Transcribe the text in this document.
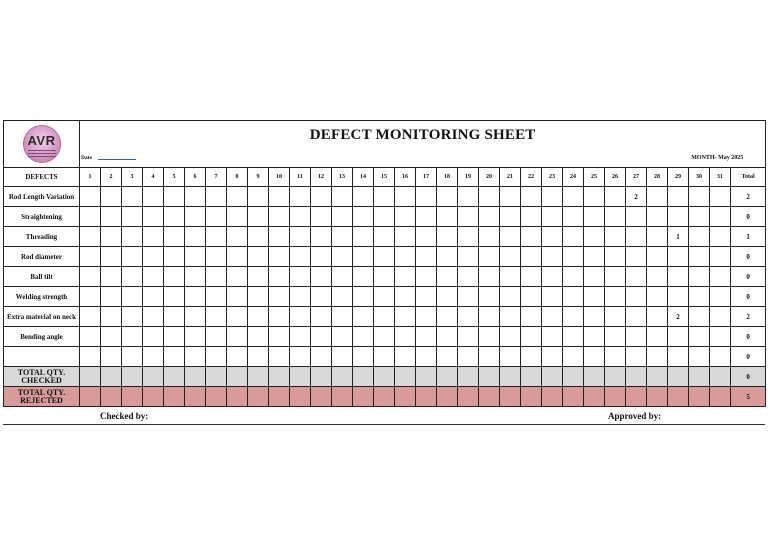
AVR	DEFECT MONITORING SHEET																															

	Date MONTH- May 2025																															

DEFECTS	1	2	3	4	5	6	7	8	9	10	11	12	13	14	15	16	17	18	19	20	21	22	23	24	25	26	27	28	29	30	31	Total
Rod Length Variation																											2					2
Straightening																																0
Threading																													1			1
Rod diameter																																0
Ball tilt																																0
Welding strength																																0
Extra material on neck																													2			2
Bending angle																																0
																																0
TOTAL QTY. CHECKED																																0
TOTAL QTY. REJECTED																																5
Checked by:	Approved by:
